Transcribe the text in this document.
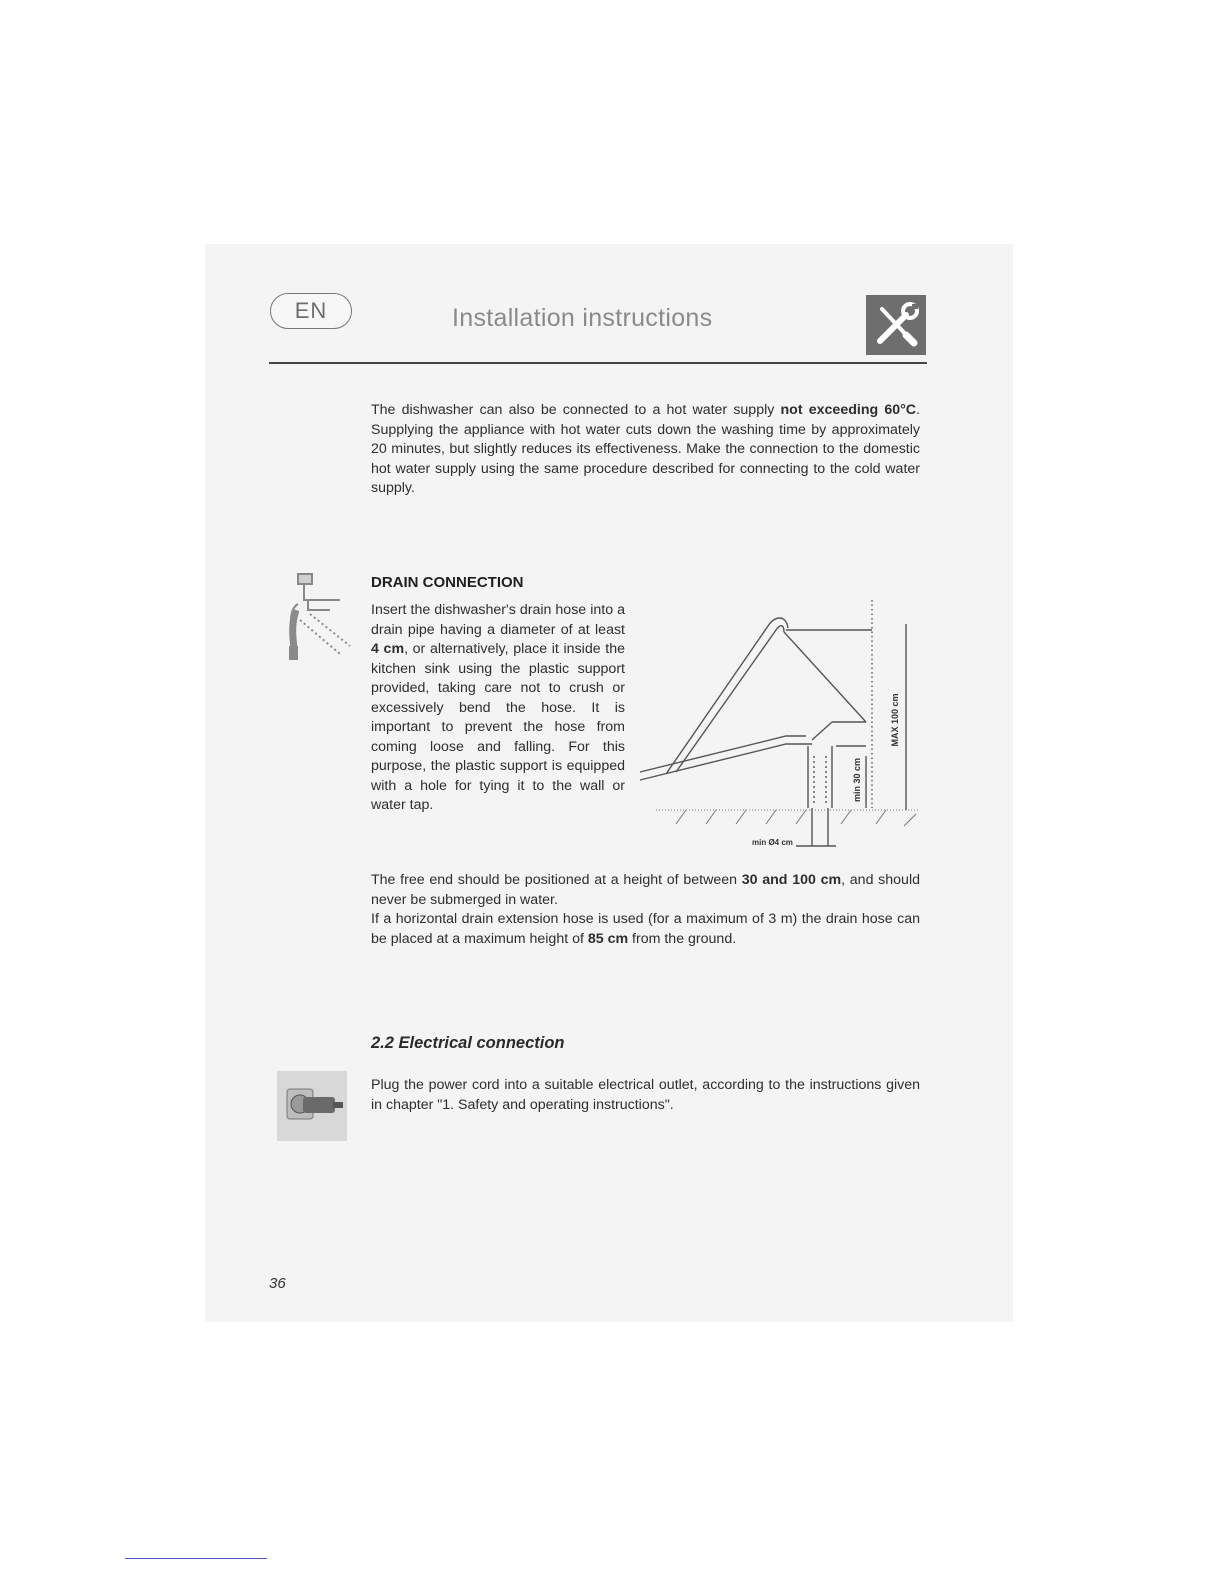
EN	Installation instructions

The dishwasher can also be connected to a hot water supply not exceeding 60°C. Supplying the appliance with hot water cuts down the washing time by approximately 20 minutes, but slightly reduces its effectiveness. Make the connection to the domestic hot water supply using the same procedure described for connecting to the cold water supply.

DRAIN CONNECTION

Insert the dishwasher's drain hose into a drain pipe having a diameter of at least 4 cm, or alternatively, place it inside the kitchen sink using the plastic support provided, taking care not to crush or excessively bend the hose. It is important to prevent the hose from coming loose and falling. For this purpose, the plastic support is equipped with a hole for tying it to the wall or water tap.

MAX 100 cm
min 30 cm
min Ø4 cm

The free end should be positioned at a height of between 30 and 100 cm, and should never be submerged in water.

If a horizontal drain extension hose is used (for a maximum of 3 m) the drain hose can be placed at a maximum height of 85 cm from the ground.

2.2 Electrical connection

Plug the power cord into a suitable electrical outlet, according to the instructions given in chapter "1. Safety and operating instructions".

36
